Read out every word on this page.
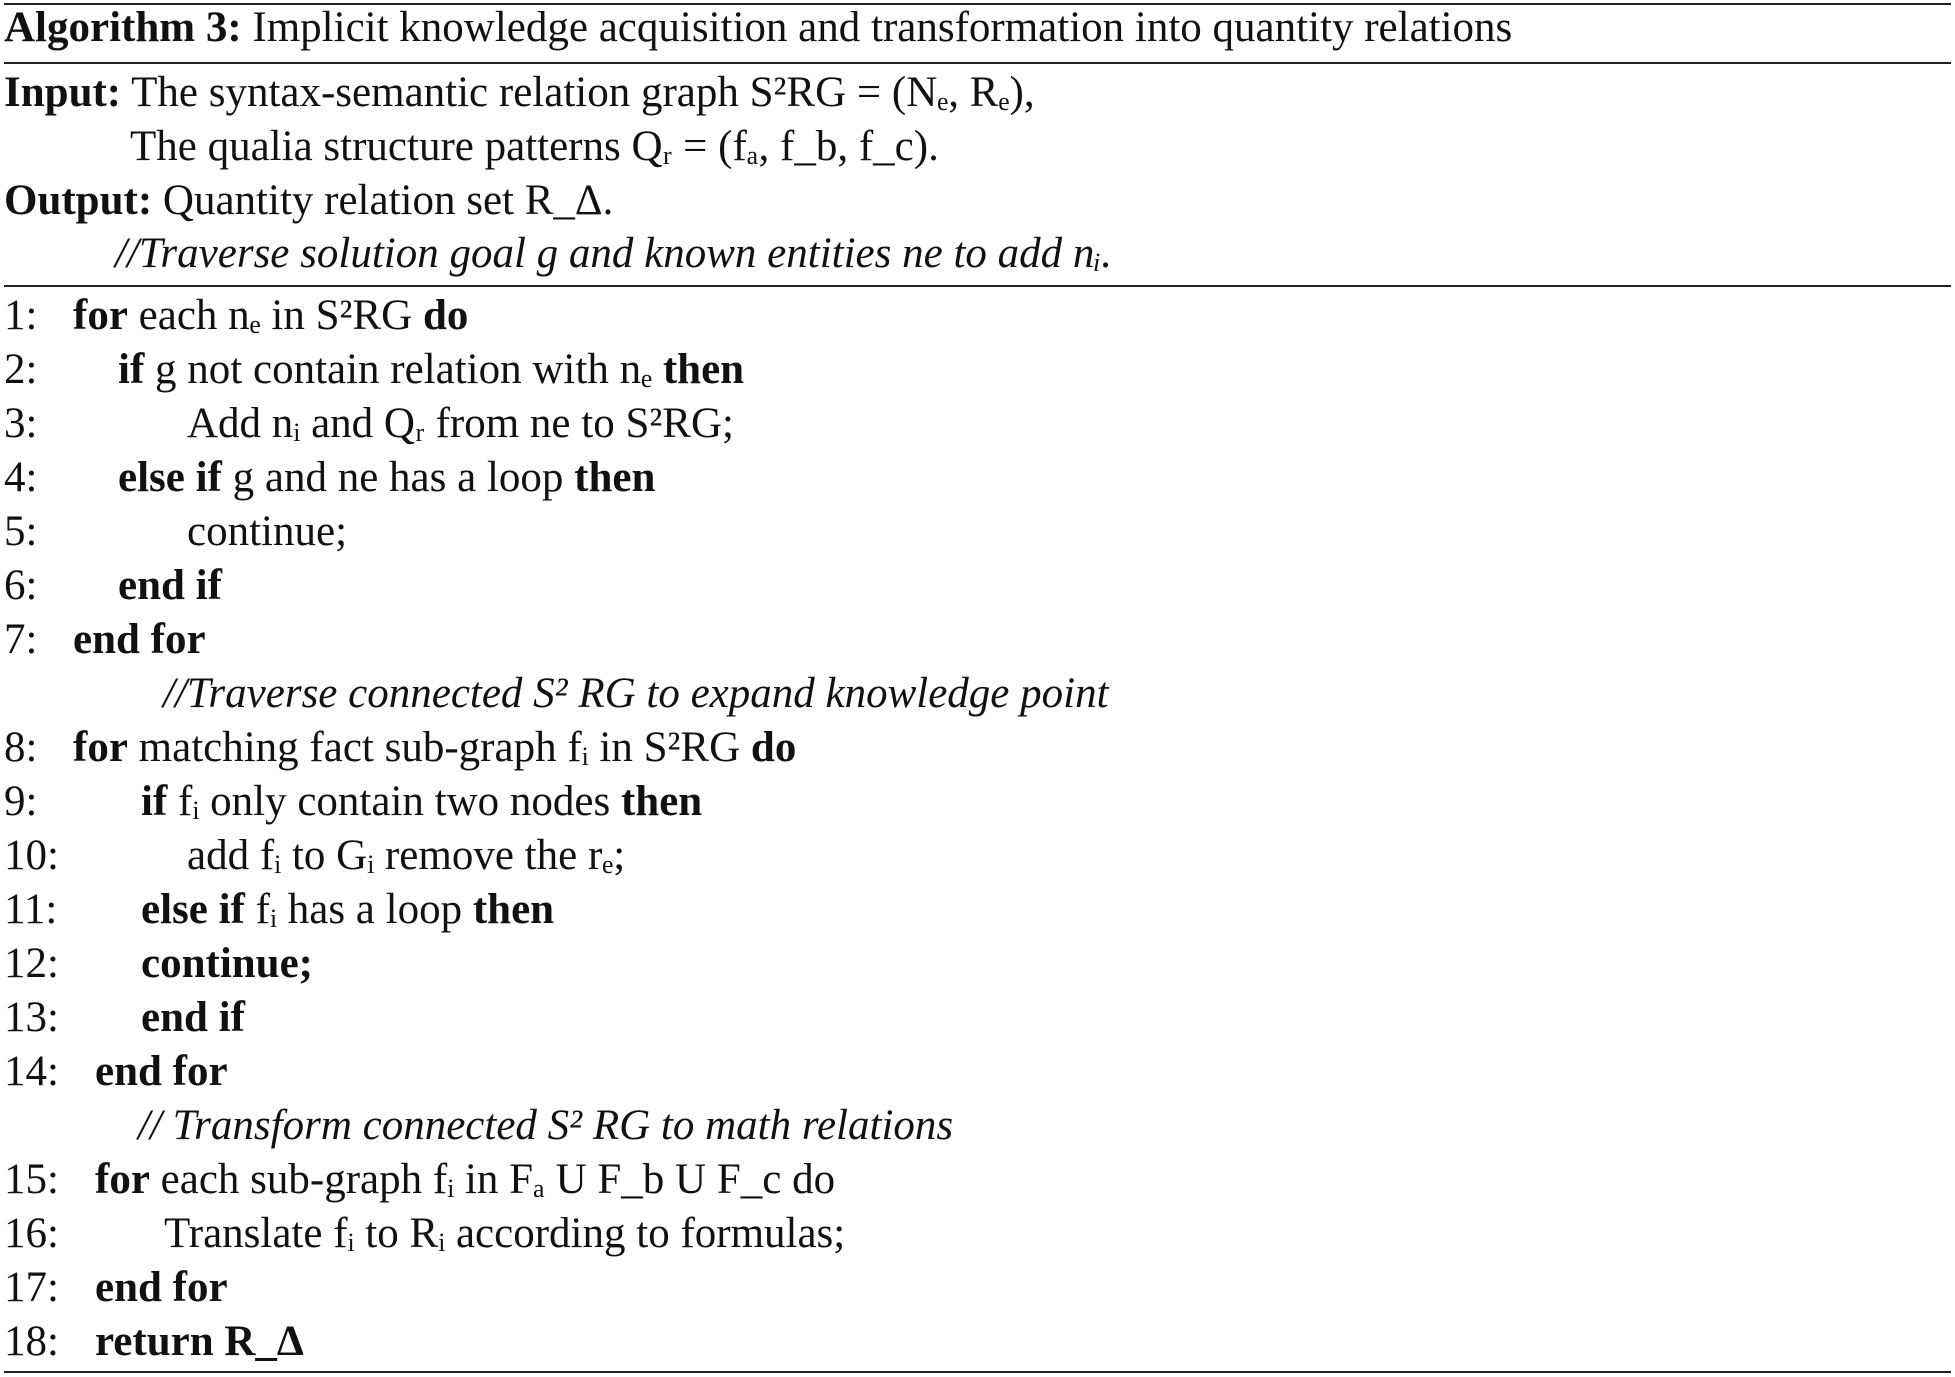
Algorithm 3: Implicit knowledge acquisition and transformation into quantity relations
Input: The syntax-semantic relation graph S²RG = (Nₑ, Rₑ),
The qualia structure patterns Qᵣ = (fₐ, f_b, f_c).
Output: Quantity relation set R_Δ.
//Traverse solution goal g and known entities ne to add nᵢ.
1: for each nₑ in S²RG do
2: if g not contain relation with nₑ then
3:	Add nᵢ and Qᵣ from ne to S²RG;
4: else if g and ne has a loop then
5:	continue;
6: end if
7: end for
//Traverse connected S² RG to expand knowledge point
8: for matching fact sub-graph fᵢ in S²RG do
9: if fᵢ only contain two nodes then
10:	add fᵢ to Gᵢ remove the rₑ;
11: else if fᵢ has a loop then
12: continue;
13: end if
14: end for
// Transform connected S² RG to math relations
15: for each sub-graph fᵢ in Fₐ U F_b U F_c do
16: Translate fᵢ to Rᵢ according to formulas;
17: end for
18: return R_Δ
